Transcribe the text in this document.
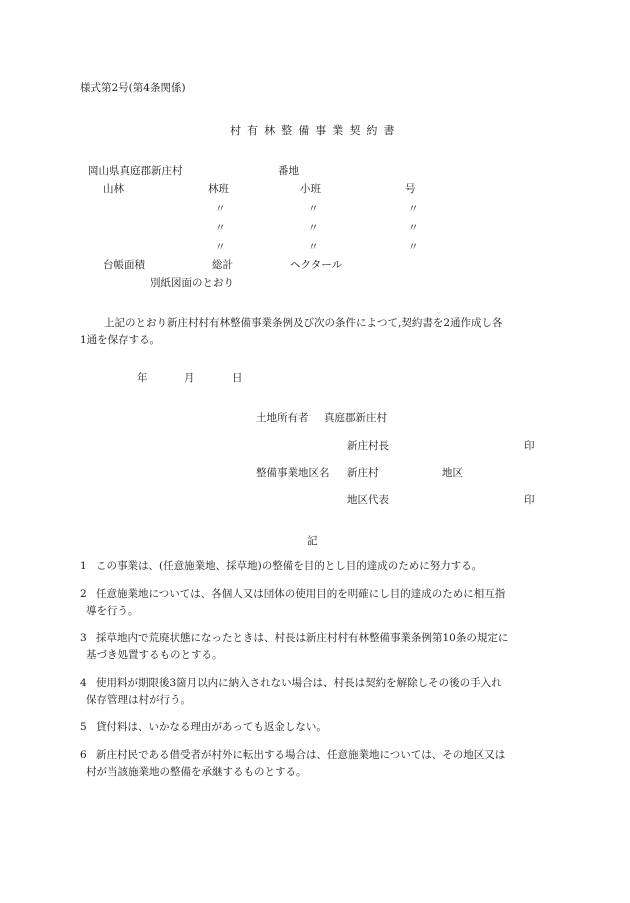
様式第2号(第4条関係)
村有林整備事業契約書
岡山県真庭郡新庄村	番地
山林	林班	小班	号
〃	〃	〃
〃	〃	〃
〃	〃	〃
台帳面積	総計	ヘクタール
別紙図面のとおり
上記のとおり新庄村村有林整備事業条例及び次の条件によつて,契約書を2通作成し各
1通を保存する。
年	月	日
土地所有者 真庭郡新庄村
新庄村長	印
整備事業地区名 新庄村	地区
地区代表	印
記
1 この事業は、(任意施業地、採草地)の整備を目的とし目的達成のために努力する。
2 任意施業地については、各個人又は団体の使用目的を明確にし目的達成のために相互指
導を行う。
3 採草地内で荒廃状態になったときは、村長は新庄村村有林整備事業条例第10条の規定に
基づき処置するものとする。
4 使用料が期限後3箇月以内に納入されない場合は、村長は契約を解除しその後の手入れ
保存管理は村が行う。
5 貸付料は、いかなる理由があっても返金しない。
6 新庄村民である借受者が村外に転出する場合は、任意施業地については、その地区又は
村が当該施業地の整備を承継するものとする。
